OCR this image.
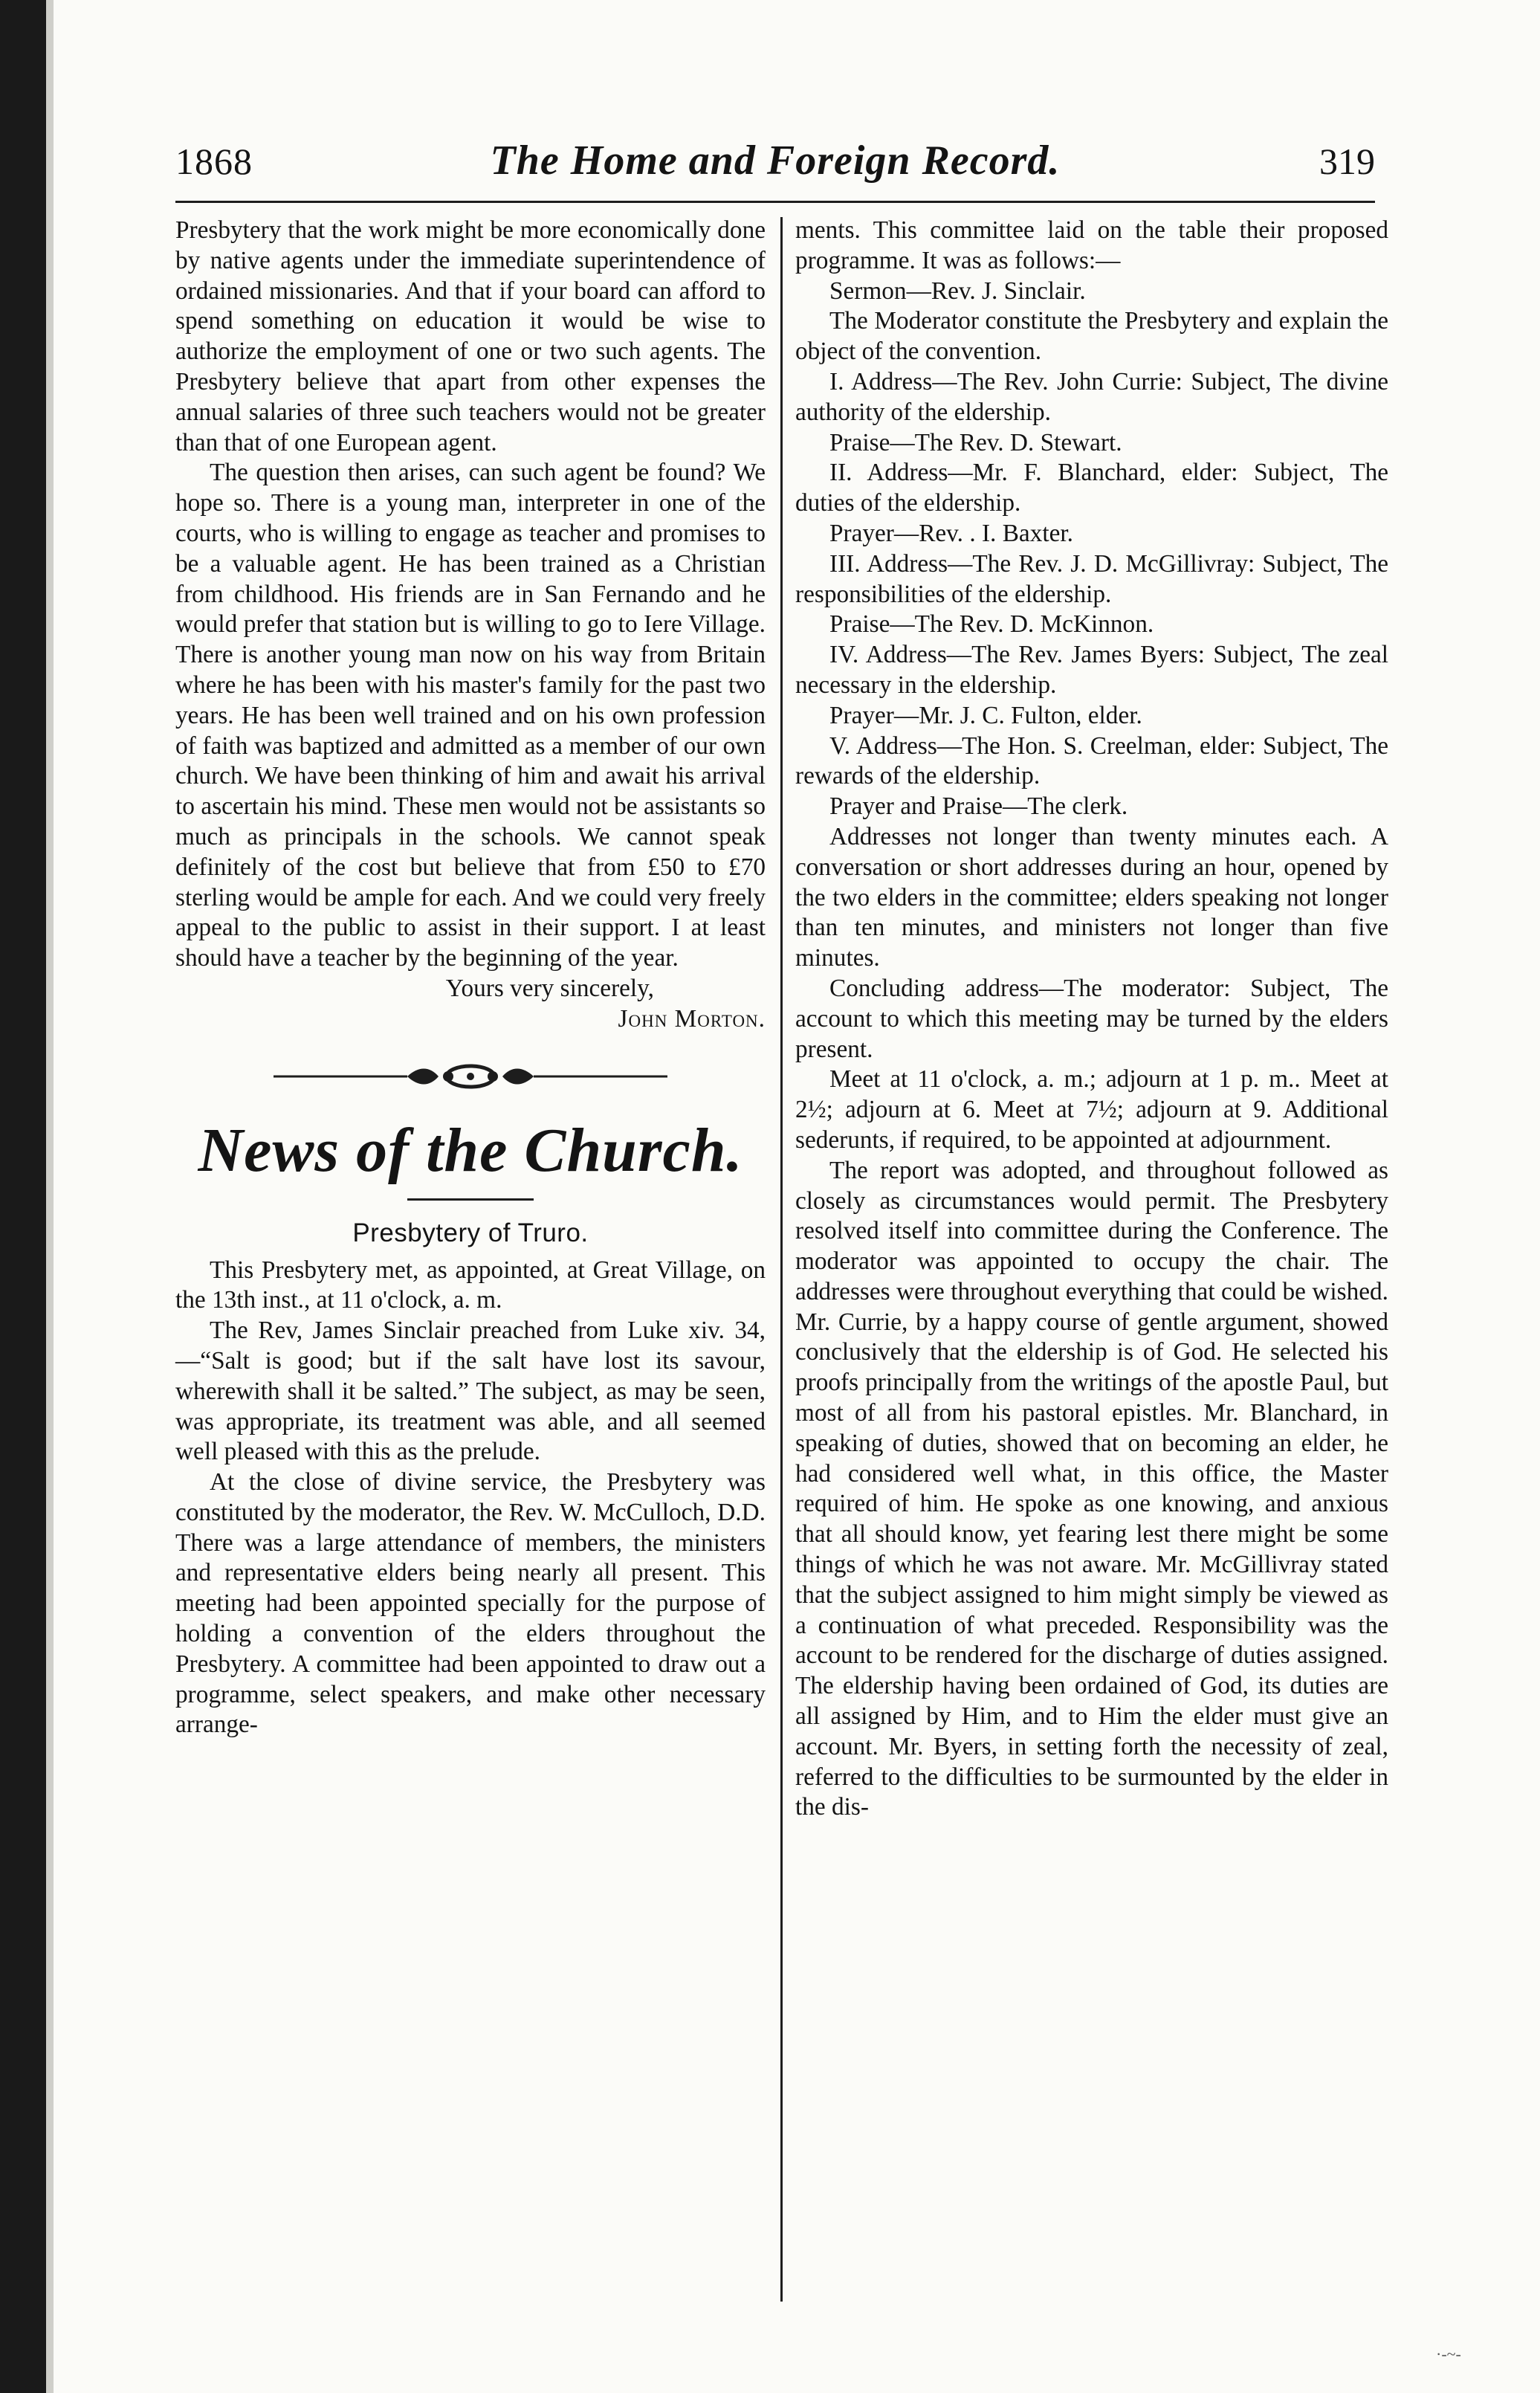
1868	The Home and Foreign Record.	319

Presbytery that the work might be more economically done by native agents under the immediate superintendence of ordained missionaries. And that if your board can afford to spend something on education it would be wise to authorize the employment of one or two such agents. The Presbytery believe that apart from other expenses the annual salaries of three such teachers would not be greater than that of one European agent.

The question then arises, can such agent be found? We hope so. There is a young man, interpreter in one of the courts, who is willing to engage as teacher and promises to be a valuable agent. He has been trained as a Christian from childhood. His friends are in San Fernando and he would prefer that station but is willing to go to Iere Village. There is another young man now on his way from Britain where he has been with his master's family for the past two years. He has been well trained and on his own profession of faith was baptized and admitted as a member of our own church. We have been thinking of him and await his arrival to ascertain his mind. These men would not be assistants so much as principals in the schools. We cannot speak definitely of the cost but believe that from £50 to £70 sterling would be ample for each. And we could very freely appeal to the public to assist in their support. I at least should have a teacher by the beginning of the year.

Yours very sincerely,

John Morton.

News of the Church.
Presbytery of Truro.

This Presbytery met, as appointed, at Great Village, on the 13th inst., at 11 o'clock, a. m.

The Rev, James Sinclair preached from Luke xiv. 34,—“Salt is good; but if the salt have lost its savour, wherewith shall it be salted.” The subject, as may be seen, was appropriate, its treatment was able, and all seemed well pleased with this as the prelude.

At the close of divine service, the Presbytery was constituted by the moderator, the Rev. W. McCulloch, D.D. There was a large attendance of members, the ministers and representative elders being nearly all present. This meeting had been appointed specially for the purpose of holding a convention of the elders throughout the Presbytery. A committee had been appointed to draw out a programme, select speakers, and make other necessary arrange-

ments. This committee laid on the table their proposed programme. It was as follows:—

Sermon—Rev. J. Sinclair.

The Moderator constitute the Presbytery and explain the object of the convention.

I. Address—The Rev. John Currie: Subject, The divine authority of the eldership.

Praise—The Rev. D. Stewart.

II. Address—Mr. F. Blanchard, elder: Subject, The duties of the eldership.

Prayer—Rev. . I. Baxter.

III. Address—The Rev. J. D. McGillivray: Subject, The responsibilities of the eldership.

Praise—The Rev. D. McKinnon.

IV. Address—The Rev. James Byers: Subject, The zeal necessary in the eldership.

Prayer—Mr. J. C. Fulton, elder.

V. Address—The Hon. S. Creelman, elder: Subject, The rewards of the eldership.

Prayer and Praise—The clerk.

Addresses not longer than twenty minutes each. A conversation or short addresses during an hour, opened by the two elders in the committee; elders speaking not longer than ten minutes, and ministers not longer than five minutes.

Concluding address—The moderator: Subject, The account to which this meeting may be turned by the elders present.

Meet at 11 o'clock, a. m.; adjourn at 1 p. m.. Meet at 2½; adjourn at 6. Meet at 7½; adjourn at 9. Additional sederunts, if required, to be appointed at adjournment.

The report was adopted, and throughout followed as closely as circumstances would permit. The Presbytery resolved itself into committee during the Conference. The moderator was appointed to occupy the chair. The addresses were throughout everything that could be wished. Mr. Currie, by a happy course of gentle argument, showed conclusively that the eldership is of God. He selected his proofs principally from the writings of the apostle Paul, but most of all from his pastoral epistles. Mr. Blanchard, in speaking of duties, showed that on becoming an elder, he had considered well what, in this office, the Master required of him. He spoke as one knowing, and anxious that all should know, yet fearing lest there might be some things of which he was not aware. Mr. McGillivray stated that the subject assigned to him might simply be viewed as a continuation of what preceded. Responsibility was the account to be rendered for the discharge of duties assigned. The eldership having been ordained of God, its duties are all assigned by Him, and to Him the elder must give an account. Mr. Byers, in setting forth the necessity of zeal, referred to the difficulties to be surmounted by the elder in the dis-

·-~-
